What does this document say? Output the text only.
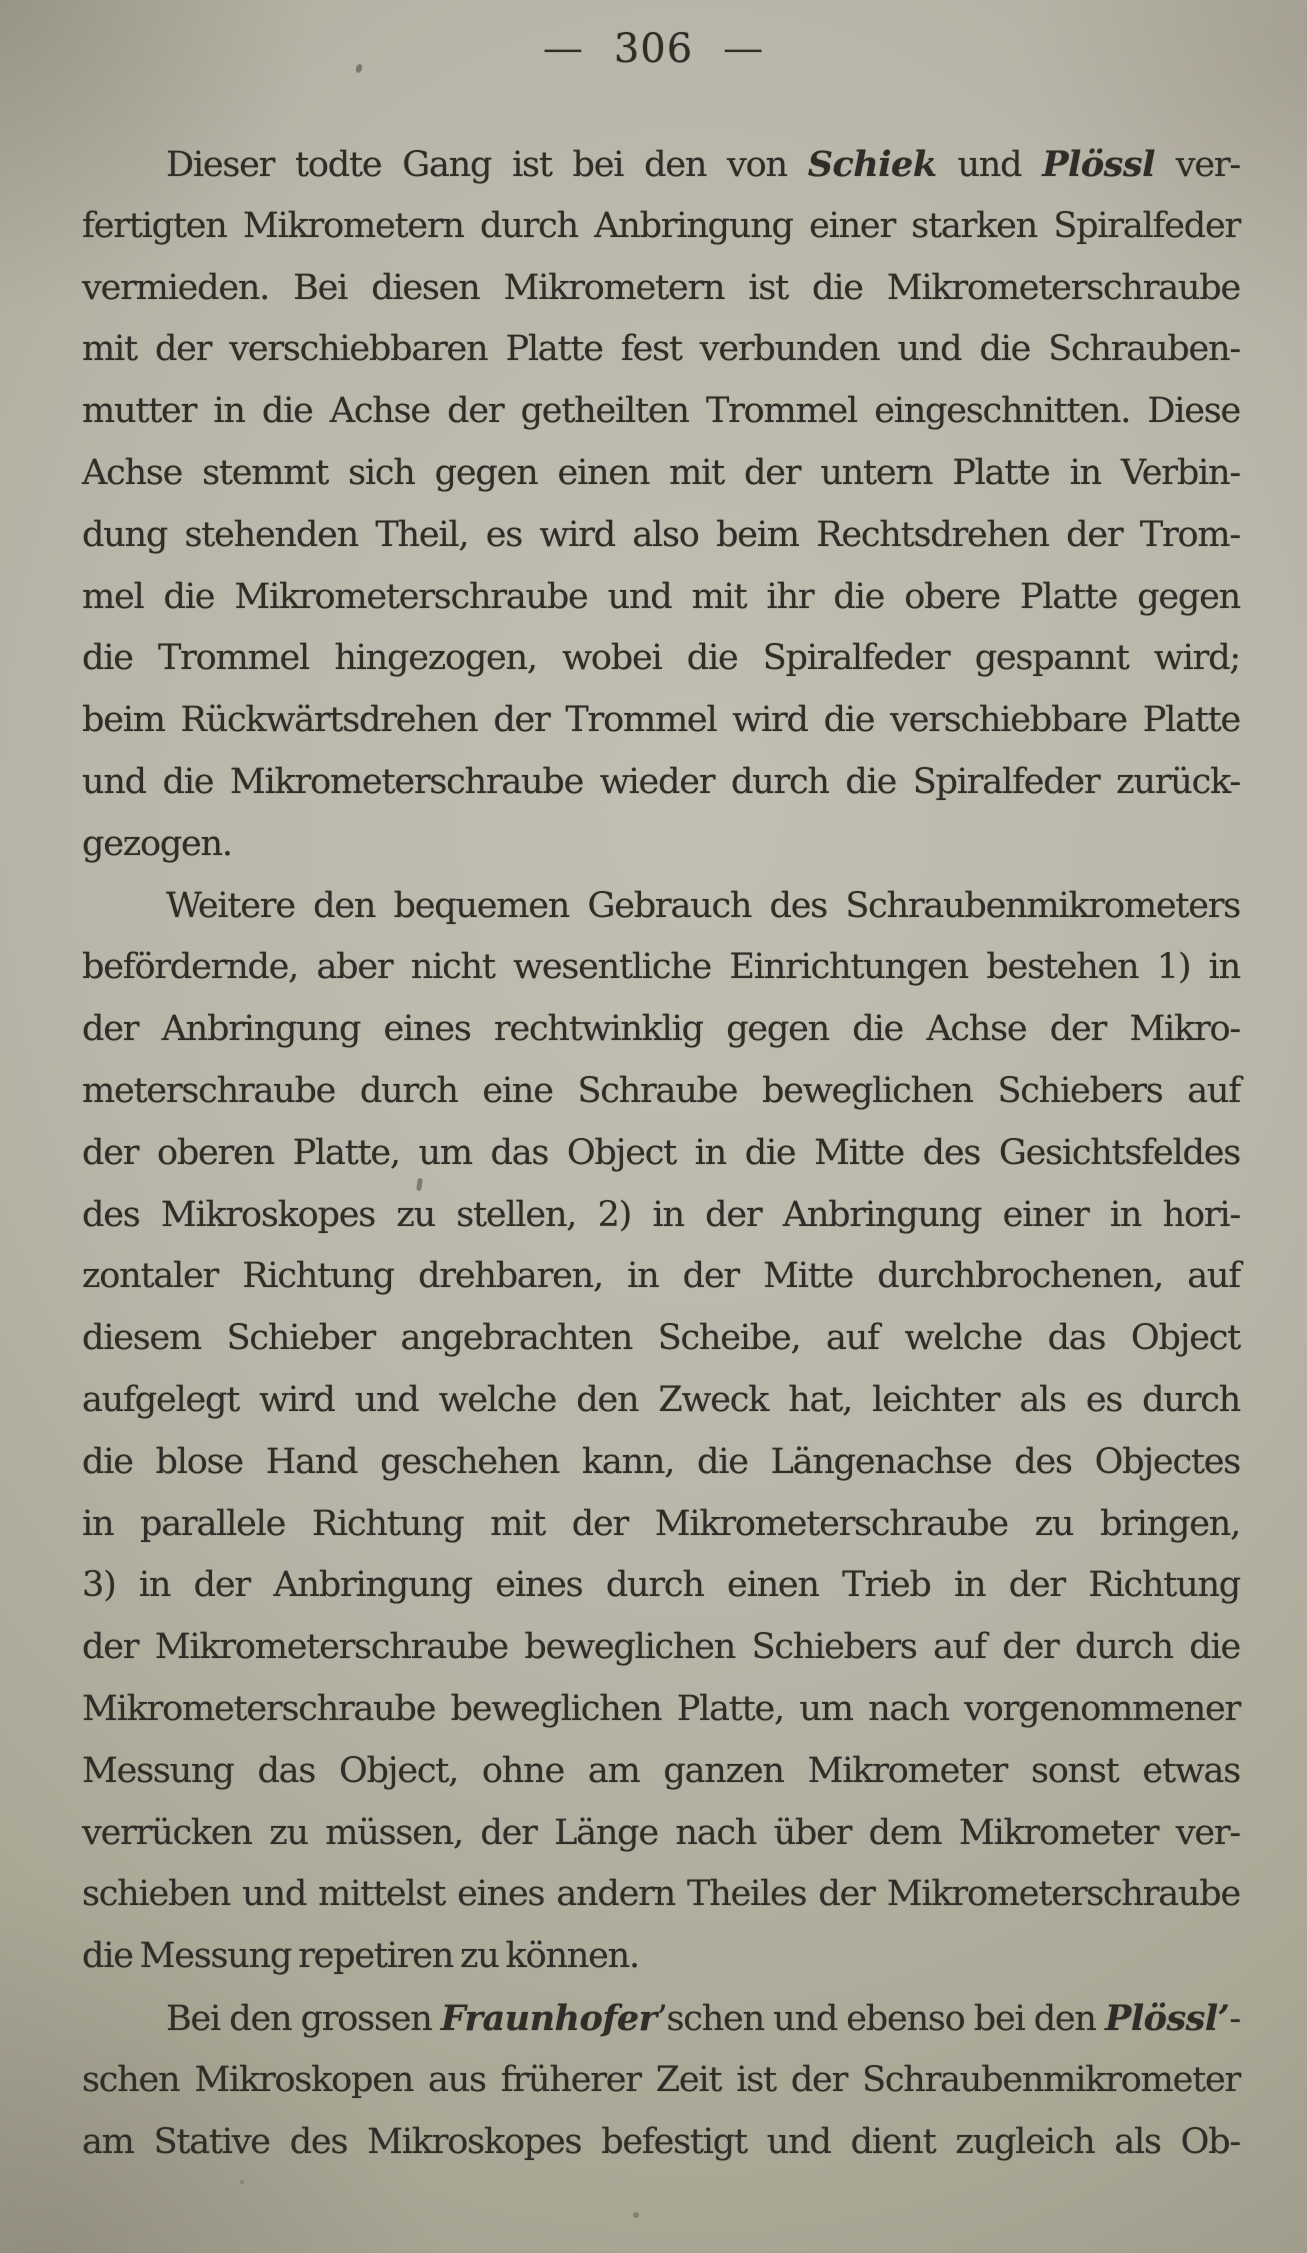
— 306 —
Dieser todte Gang ist bei den von Schiek und Plössl ver-
fertigten Mikrometern durch Anbringung einer starken Spiralfeder
vermieden. Bei diesen Mikrometern ist die Mikrometerschraube
mit der verschiebbaren Platte fest verbunden und die Schrauben-
mutter in die Achse der getheilten Trommel eingeschnitten. Diese
Achse stemmt sich gegen einen mit der untern Platte in Verbin-
dung stehenden Theil, es wird also beim Rechtsdrehen der Trom-
mel die Mikrometerschraube und mit ihr die obere Platte gegen
die Trommel hingezogen, wobei die Spiralfeder gespannt wird;
beim Rückwärtsdrehen der Trommel wird die verschiebbare Platte
und die Mikrometerschraube wieder durch die Spiralfeder zurück-
gezogen.
Weitere den bequemen Gebrauch des Schraubenmikrometers
befördernde, aber nicht wesentliche Einrichtungen bestehen 1) in
der Anbringung eines rechtwinklig gegen die Achse der Mikro-
meterschraube durch eine Schraube beweglichen Schiebers auf
der oberen Platte, um das Object in die Mitte des Gesichtsfeldes
des Mikroskopes zu stellen, 2) in der Anbringung einer in hori-
zontaler Richtung drehbaren, in der Mitte durchbrochenen, auf
diesem Schieber angebrachten Scheibe, auf welche das Object
aufgelegt wird und welche den Zweck hat, leichter als es durch
die blose Hand geschehen kann, die Längenachse des Objectes
in parallele Richtung mit der Mikrometerschraube zu bringen,
3) in der Anbringung eines durch einen Trieb in der Richtung
der Mikrometerschraube beweglichen Schiebers auf der durch die
Mikrometerschraube beweglichen Platte, um nach vorgenommener
Messung das Object, ohne am ganzen Mikrometer sonst etwas
verrücken zu müssen, der Länge nach über dem Mikrometer ver-
schieben und mittelst eines andern Theiles der Mikrometerschraube
die Messung repetiren zu können.
Bei den grossen Fraunhofer’schen und ebenso bei den Plössl’-
schen Mikroskopen aus früherer Zeit ist der Schraubenmikrometer
am Stative des Mikroskopes befestigt und dient zugleich als Ob-
